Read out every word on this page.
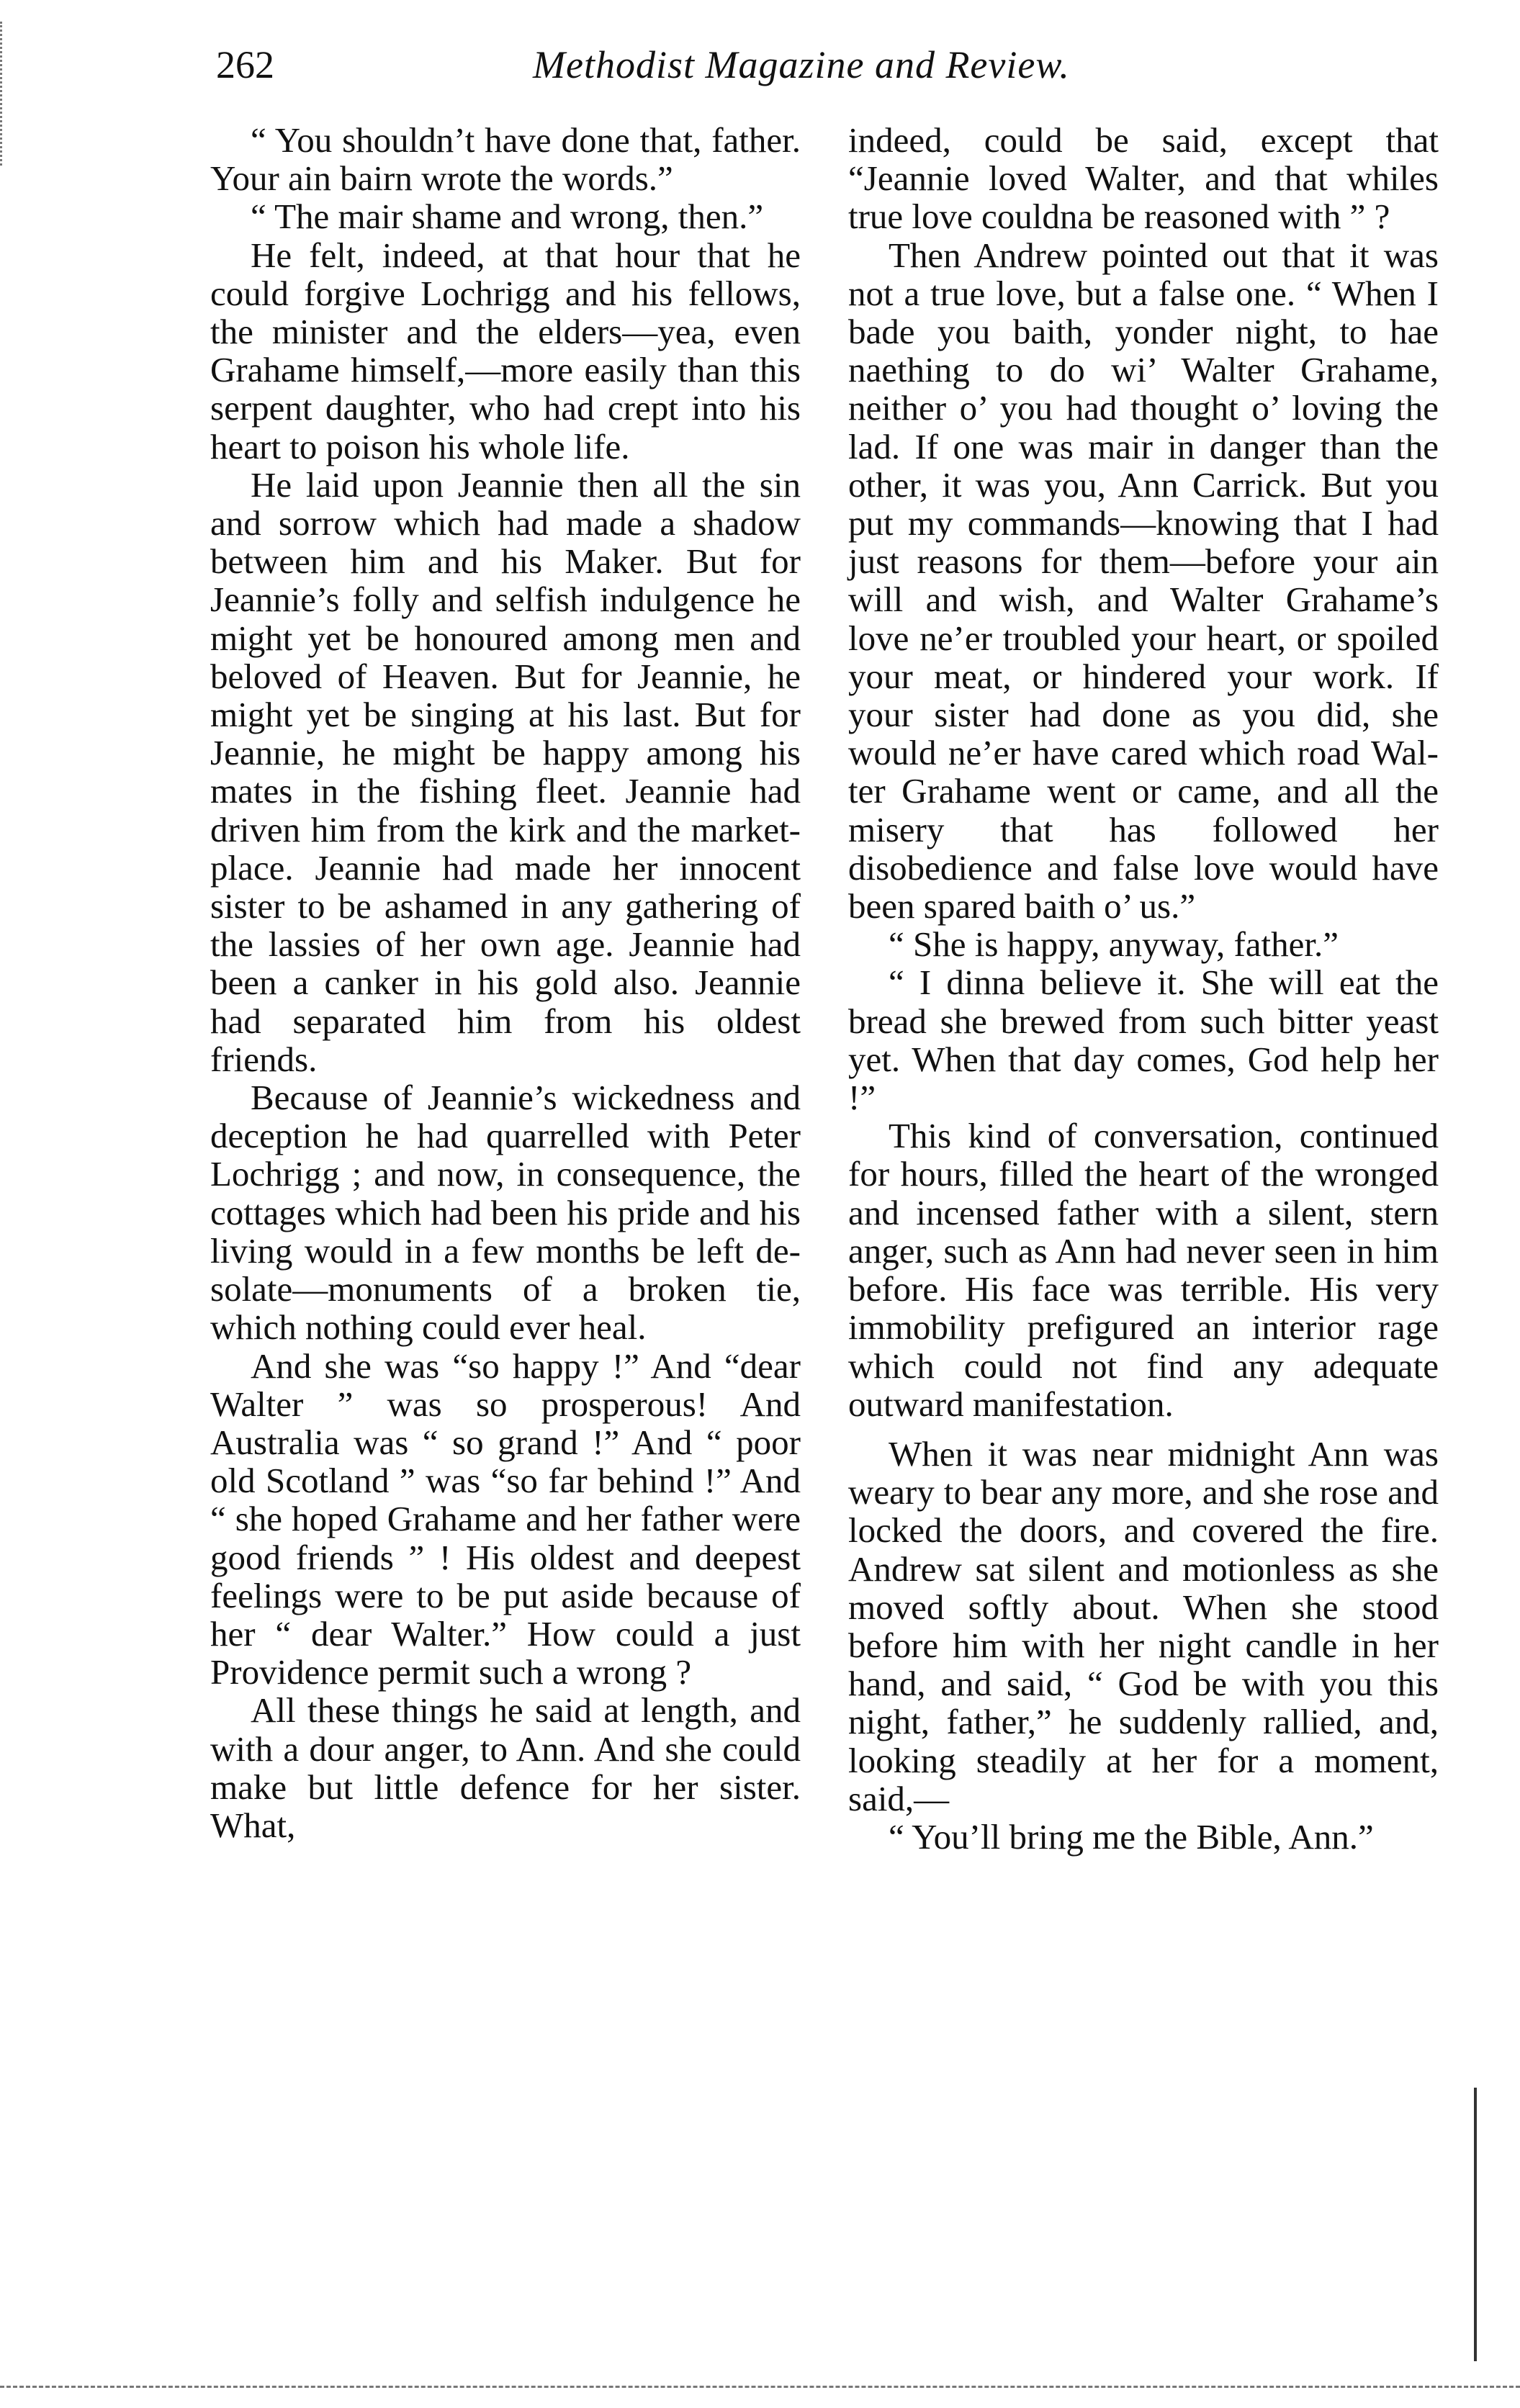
262	Methodist Magazine and Review.

“ You shouldn’t have done that, father. Your ain bairn wrote the words.”

“ The mair shame and wrong, then.”

He felt, indeed, at that hour that he could forgive Lochrigg and his fellows, the minister and the elders—yea, even Grahame himself,—more easily than this serpent daughter, who had crept into his heart to poison his whole life.

He laid upon Jeannie then all the sin and sorrow which had made a shadow between him and his Maker. But for Jeannie’s folly and selfish indulgence he might yet be honoured among men and beloved of Heaven. But for Jeannie, he might yet be singing at his last. But for Jeannie, he might be happy among his mates in the fishing fleet. Jeannie had driven him from the kirk and the market-place. Jeannie had made her innocent sister to be ashamed in any gathering of the lassies of her own age. Jeannie had been a canker in his gold also. Jeannie had separated him from his oldest friends.

Because of Jeannie’s wickedness and deception he had quarrelled with Peter Lochrigg ; and now, in consequence, the cottages which had been his pride and his living would in a few months be left desolate—monuments of a broken tie, which nothing could ever heal.

And she was “so happy !” And “dear Walter ” was so prosperous! And Australia was “ so grand !” And “ poor old Scotland ” was “so far behind !” And “ she hoped Grahame and her father were good friends ” ! His oldest and deepest feelings were to be put aside because of her “ dear Walter.” How could a just Providence permit such a wrong ?

All these things he said at length, and with a dour anger, to Ann. And she could make but little defence for her sister. What,

indeed, could be said, except that “Jeannie loved Walter, and that whiles true love couldna be reasoned with ” ?

Then Andrew pointed out that it was not a true love, but a false one. “ When I bade you baith, yonder night, to hae naething to do wi’ Walter Grahame, neither o’ you had thought o’ loving the lad. If one was mair in danger than the other, it was you, Ann Carrick. But you put my commands—knowing that I had just reasons for them—before your ain will and wish, and Walter Grahame’s love ne’er troubled your heart, or spoiled your meat, or hindered your work. If your sister had done as you did, she would ne’er have cared which road Walter Grahame went or came, and all the misery that has followed her disobedience and false love would have been spared baith o’ us.”

“ She is happy, anyway, father.”

“ I dinna believe it. She will eat the bread she brewed from such bitter yeast yet. When that day comes, God help her !”

This kind of conversation, continued for hours, filled the heart of the wronged and incensed father with a silent, stern anger, such as Ann had never seen in him before. His face was terrible. His very immobility prefigured an interior rage which could not find any adequate outward manifestation.

When it was near midnight Ann was weary to bear any more, and she rose and locked the doors, and covered the fire. Andrew sat silent and motionless as she moved softly about. When she stood before him with her night candle in her hand, and said, “ God be with you this night, father,” he suddenly rallied, and, looking steadily at her for a moment, said,—

“ You’ll bring me the Bible, Ann.”
